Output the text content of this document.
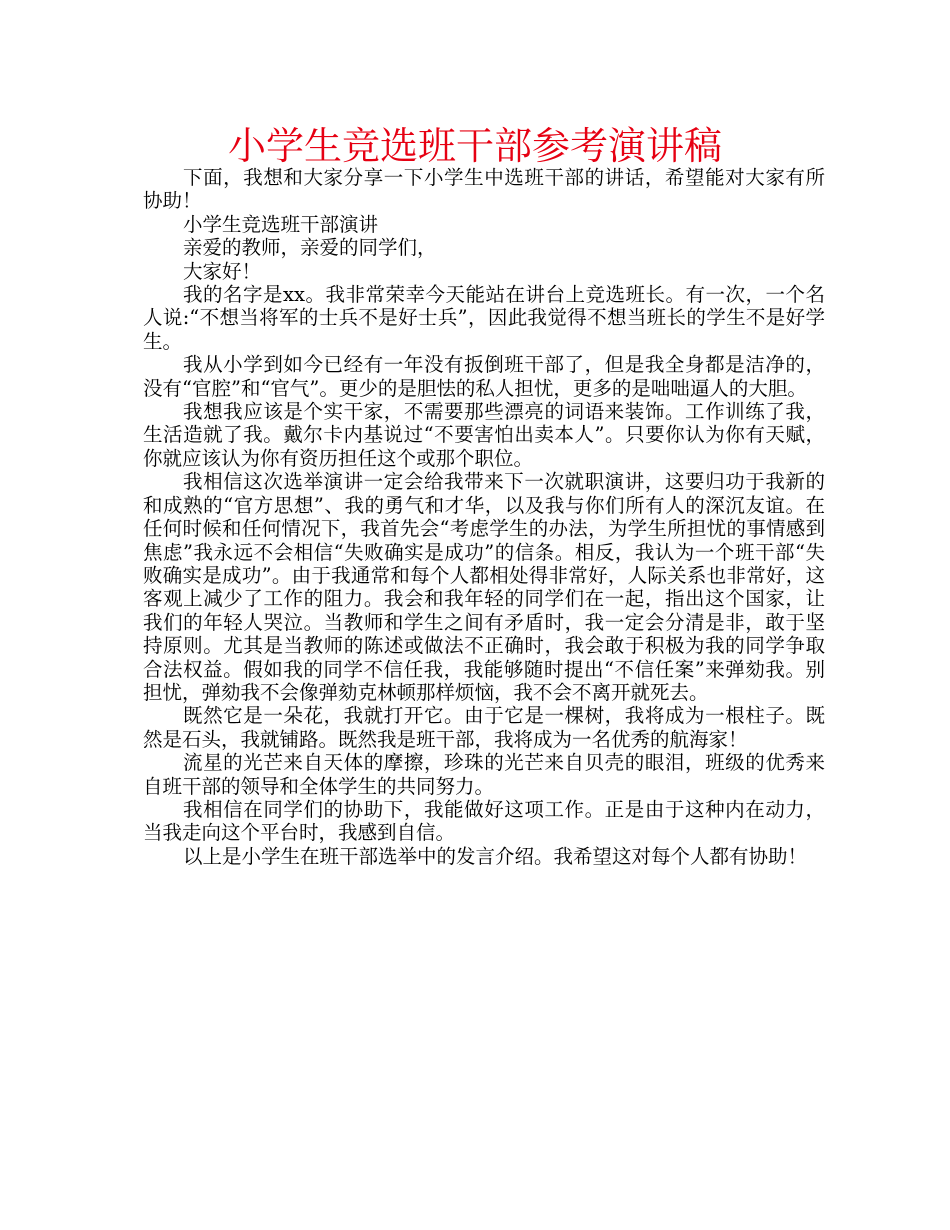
小学生竞选班干部参考演讲稿

下面，我想和大家分享一下小学生中选班干部的讲话，希望能对大家有所协助！

小学生竞选班干部演讲

亲爱的教师，亲爱的同学们，

大家好！

我的名字是xx。我非常荣幸今天能站在讲台上竞选班长。有一次，一个名人说:“不想当将军的士兵不是好士兵”，因此我觉得不想当班长的学生不是好学生。

我从小学到如今已经有一年没有扳倒班干部了，但是我全身都是洁净的，没有“官腔”和“官气”。更少的是胆怯的私人担忧，更多的是咄咄逼人的大胆。

我想我应该是个实干家，不需要那些漂亮的词语来装饰。工作训练了我，生活造就了我。戴尔卡内基说过“不要害怕出卖本人”。只要你认为你有天赋，你就应该认为你有资历担任这个或那个职位。

我相信这次选举演讲一定会给我带来下一次就职演讲，这要归功于我新的和成熟的“官方思想”、我的勇气和才华，以及我与你们所有人的深沉友谊。在任何时候和任何情况下，我首先会“考虑学生的办法，为学生所担忧的事情感到焦虑”我永远不会相信“失败确实是成功”的信条。相反，我认为一个班干部“失败确实是成功”。由于我通常和每个人都相处得非常好，人际关系也非常好，这客观上减少了工作的阻力。我会和我年轻的同学们在一起，指出这个国家，让我们的年轻人哭泣。当教师和学生之间有矛盾时，我一定会分清是非，敢于坚持原则。尤其是当教师的陈述或做法不正确时，我会敢于积极为我的同学争取合法权益。假如我的同学不信任我，我能够随时提出“不信任案”来弹劾我。别担忧，弹劾我不会像弹劾克林顿那样烦恼，我不会不离开就死去。

既然它是一朵花，我就打开它。由于它是一棵树，我将成为一根柱子。既然是石头，我就铺路。既然我是班干部，我将成为一名优秀的航海家！

流星的光芒来自天体的摩擦，珍珠的光芒来自贝壳的眼泪，班级的优秀来自班干部的领导和全体学生的共同努力。

我相信在同学们的协助下，我能做好这项工作。正是由于这种内在动力，当我走向这个平台时，我感到自信。

以上是小学生在班干部选举中的发言介绍。我希望这对每个人都有协助！
